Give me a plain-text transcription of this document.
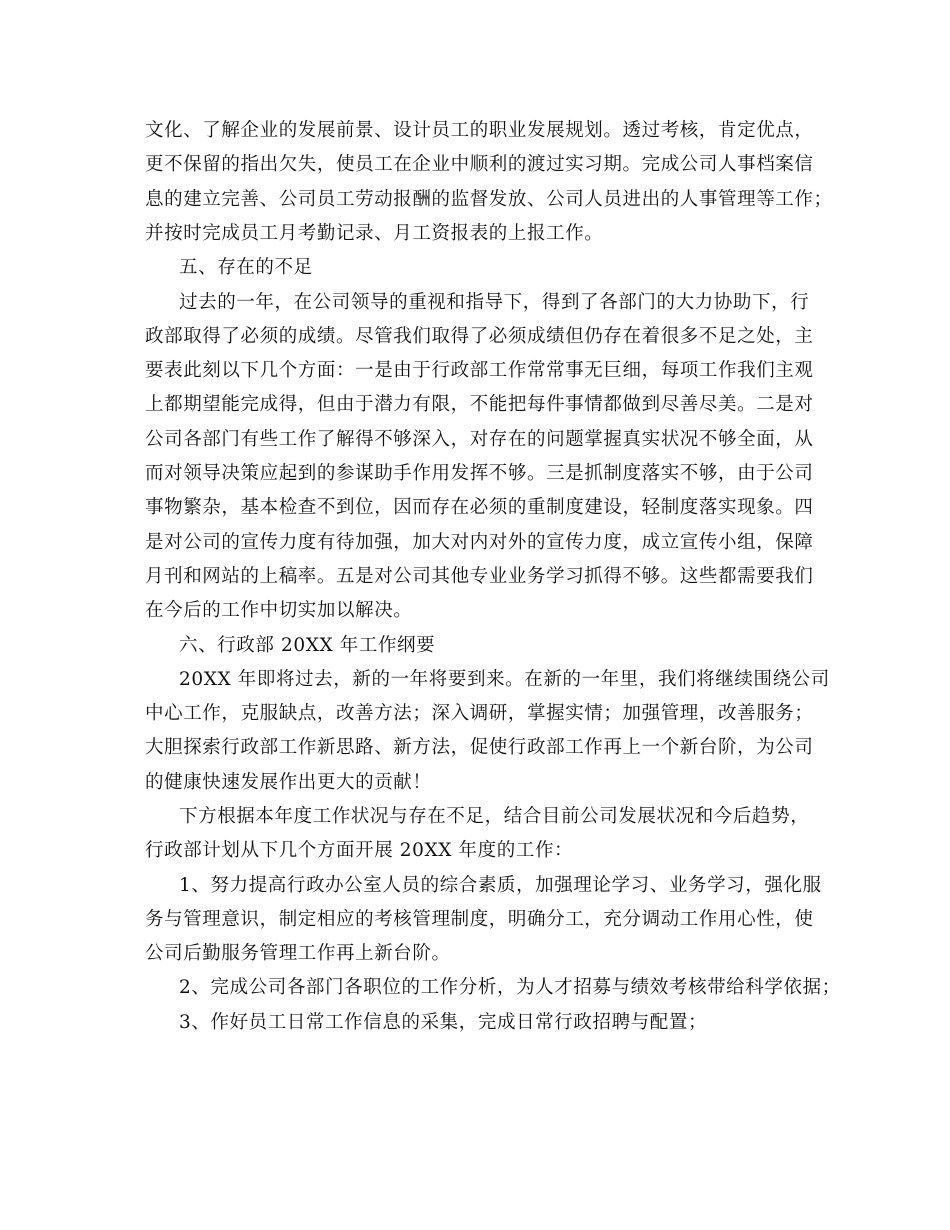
文化、了解企业的发展前景、设计员工的职业发展规划。透过考核，肯定优点，
更不保留的指出欠失，使员工在企业中顺利的渡过实习期。完成公司人事档案信
息的建立完善、公司员工劳动报酬的监督发放、公司人员进出的人事管理等工作；
并按时完成员工月考勤记录、月工资报表的上报工作。
五、存在的不足
过去的一年，在公司领导的重视和指导下，得到了各部门的大力协助下，行
政部取得了必须的成绩。尽管我们取得了必须成绩但仍存在着很多不足之处，主
要表此刻以下几个方面：一是由于行政部工作常常事无巨细，每项工作我们主观
上都期望能完成得，但由于潜力有限，不能把每件事情都做到尽善尽美。二是对
公司各部门有些工作了解得不够深入，对存在的问题掌握真实状况不够全面，从
而对领导决策应起到的参谋助手作用发挥不够。三是抓制度落实不够，由于公司
事物繁杂，基本检查不到位，因而存在必须的重制度建设，轻制度落实现象。四
是对公司的宣传力度有待加强，加大对内对外的宣传力度，成立宣传小组，保障
月刊和网站的上稿率。五是对公司其他专业业务学习抓得不够。这些都需要我们
在今后的工作中切实加以解决。
六、行政部 20XX 年工作纲要
20XX 年即将过去，新的一年将要到来。在新的一年里，我们将继续围绕公司
中心工作，克服缺点，改善方法；深入调研，掌握实情；加强管理，改善服务；
大胆探索行政部工作新思路、新方法，促使行政部工作再上一个新台阶，为公司
的健康快速发展作出更大的贡献！
下方根据本年度工作状况与存在不足，结合目前公司发展状况和今后趋势，
行政部计划从下几个方面开展 20XX 年度的工作：
1、努力提高行政办公室人员的综合素质，加强理论学习、业务学习，强化服
务与管理意识，制定相应的考核管理制度，明确分工，充分调动工作用心性，使
公司后勤服务管理工作再上新台阶。
2、完成公司各部门各职位的工作分析，为人才招募与绩效考核带给科学依据；
3、作好员工日常工作信息的采集，完成日常行政招聘与配置；
